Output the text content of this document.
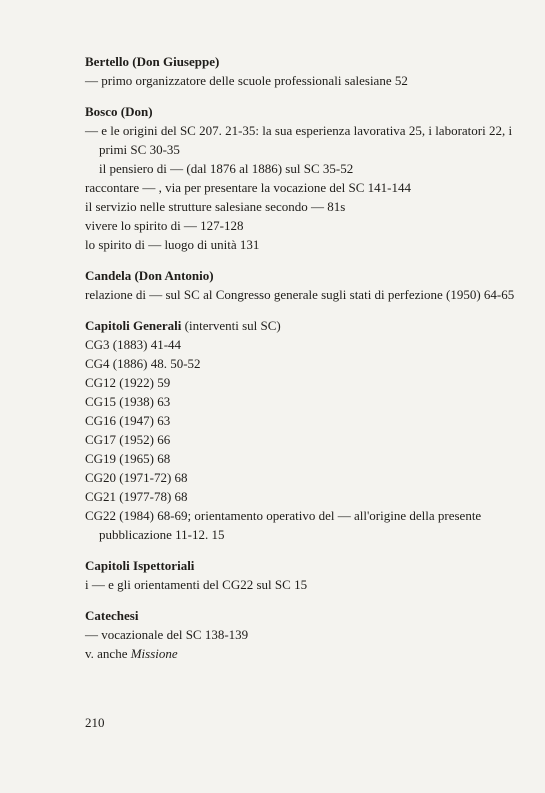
Bertello (Don Giuseppe)
— primo organizzatore delle scuole professionali salesiane 52
Bosco (Don)
— e le origini del SC 207. 21-35: la sua esperienza lavorativa 25, i laboratori 22, i primi SC 30-35
il pensiero di — (dal 1876 al 1886) sul SC 35-52
raccontare — , via per presentare la vocazione del SC 141-144
il servizio nelle strutture salesiane secondo — 81s
vivere lo spirito di — 127-128
lo spirito di — luogo di unità 131
Candela (Don Antonio)
relazione di — sul SC al Congresso generale sugli stati di perfezione (1950) 64-65
Capitoli Generali (interventi sul SC)
CG3 (1883) 41-44
CG4 (1886) 48. 50-52
CG12 (1922) 59
CG15 (1938) 63
CG16 (1947) 63
CG17 (1952) 66
CG19 (1965) 68
CG20 (1971-72) 68
CG21 (1977-78) 68
CG22 (1984) 68-69; orientamento operativo del — all'origine della presente pubblicazione 11-12. 15
Capitoli Ispettoriali
i — e gli orientamenti del CG22 sul SC 15
Catechesi
— vocazionale del SC 138-139
v. anche Missione
210
